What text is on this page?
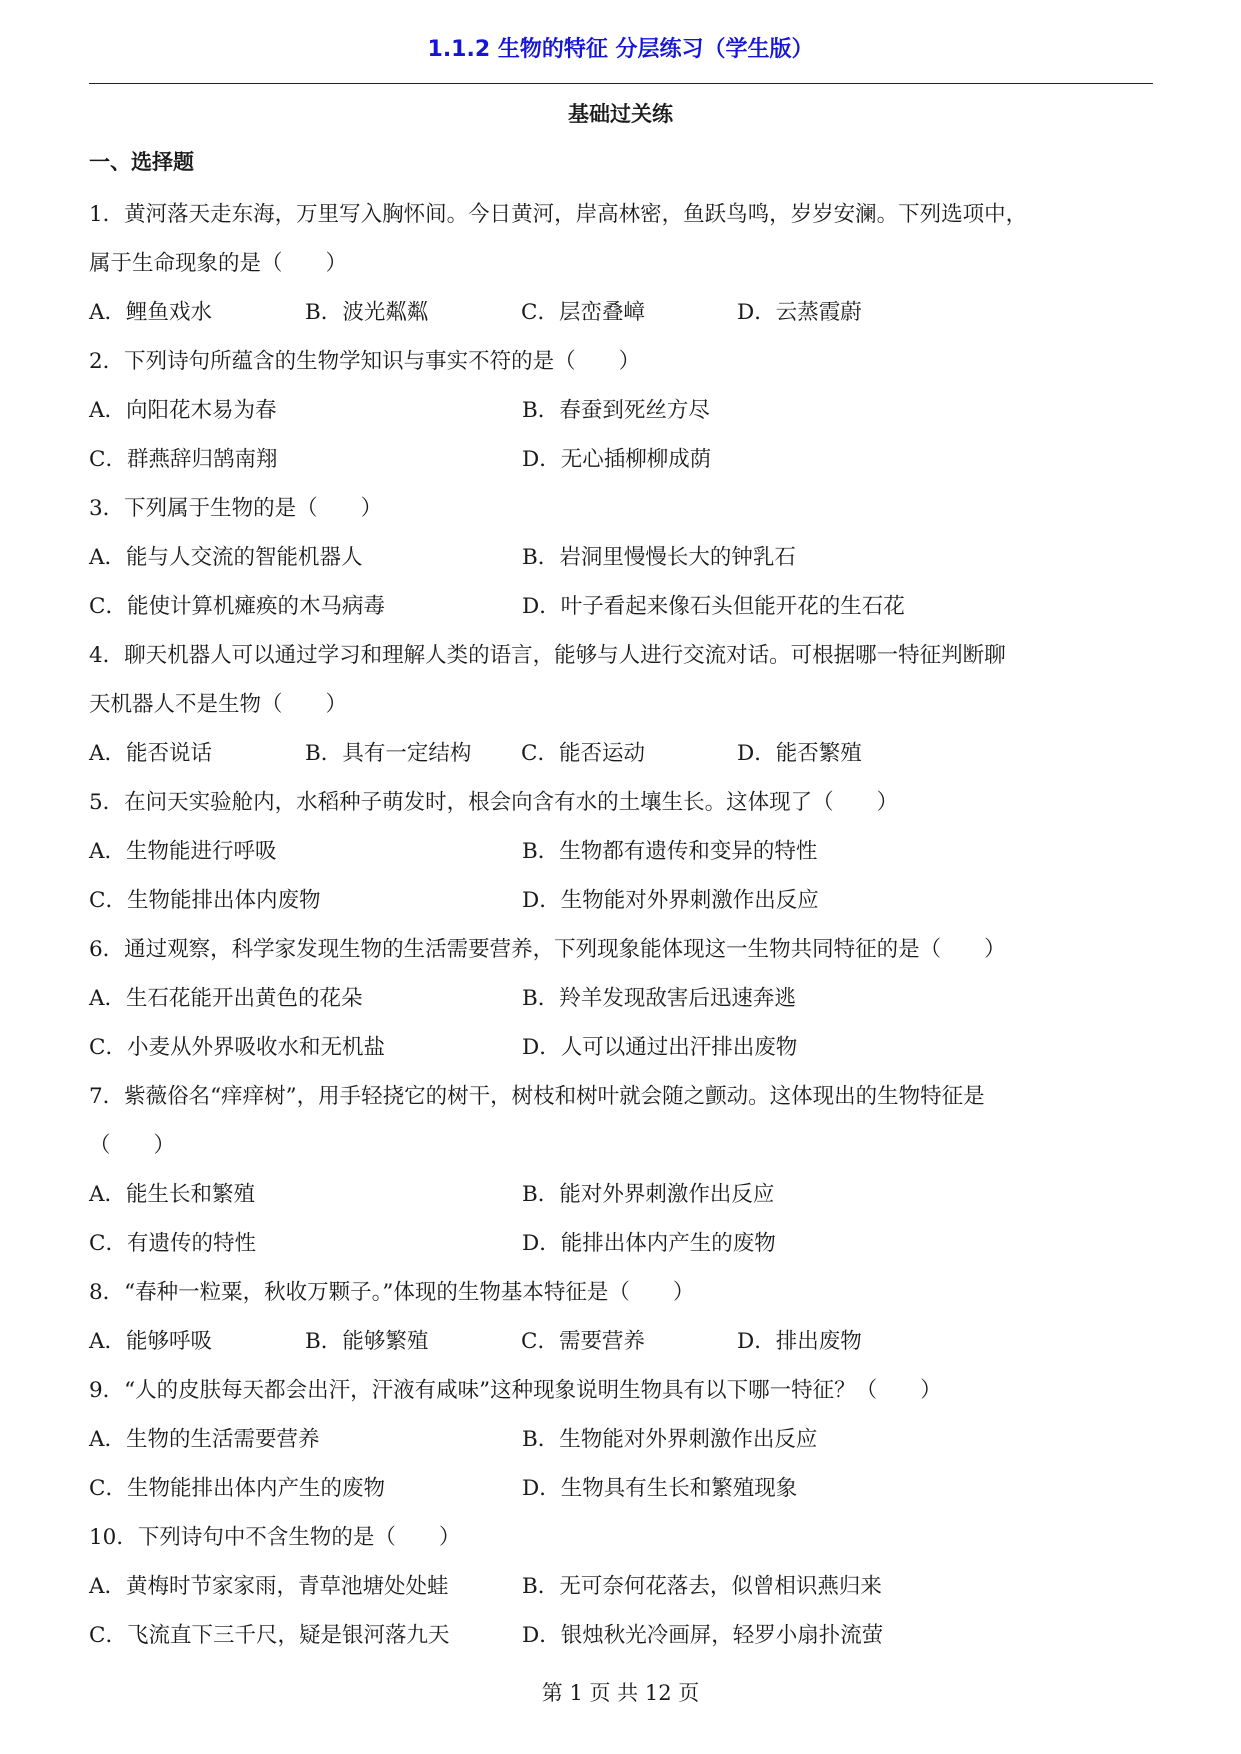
1.1.2 生物的特征 分层练习（学生版）
基础过关练
一、选择题
1．黄河落天走东海，万里写入胸怀间。今日黄河，岸高林密，鱼跃鸟鸣，岁岁安澜。下列选项中，
属于生命现象的是（　　）
A．鲤鱼戏水	B．波光粼粼	C．层峦叠嶂	D．云蒸霞蔚
2．下列诗句所蕴含的生物学知识与事实不符的是（　　）
A．向阳花木易为春	B．春蚕到死丝方尽
C．群燕辞归鹄南翔	D．无心插柳柳成荫
3．下列属于生物的是（　　）
A．能与人交流的智能机器人	B．岩洞里慢慢长大的钟乳石
C．能使计算机瘫痪的木马病毒	D．叶子看起来像石头但能开花的生石花
4．聊天机器人可以通过学习和理解人类的语言，能够与人进行交流对话。可根据哪一特征判断聊
天机器人不是生物（　　）
A．能否说话	B．具有一定结构	C．能否运动	D．能否繁殖
5．在问天实验舱内，水稻种子萌发时，根会向含有水的土壤生长。这体现了（　　）
A．生物能进行呼吸	B．生物都有遗传和变异的特性
C．生物能排出体内废物	D．生物能对外界刺激作出反应
6．通过观察，科学家发现生物的生活需要营养，下列现象能体现这一生物共同特征的是（　　）
A．生石花能开出黄色的花朵	B．羚羊发现敌害后迅速奔逃
C．小麦从外界吸收水和无机盐	D．人可以通过出汗排出废物
7．紫薇俗名“痒痒树”，用手轻挠它的树干，树枝和树叶就会随之颤动。这体现出的生物特征是
（　　）
A．能生长和繁殖	B．能对外界刺激作出反应
C．有遗传的特性	D．能排出体内产生的废物
8．“春种一粒粟，秋收万颗子。”体现的生物基本特征是（　　）
A．能够呼吸	B．能够繁殖	C．需要营养	D．排出废物
9．“人的皮肤每天都会出汗，汗液有咸味”这种现象说明生物具有以下哪一特征？（　　）
A．生物的生活需要营养	B．生物能对外界刺激作出反应
C．生物能排出体内产生的废物	D．生物具有生长和繁殖现象
10．下列诗句中不含生物的是（　　）
A．黄梅时节家家雨，青草池塘处处蛙	B．无可奈何花落去，似曾相识燕归来
C．飞流直下三千尺，疑是银河落九天	D．银烛秋光冷画屏，轻罗小扇扑流萤
第 1 页 共 12 页
